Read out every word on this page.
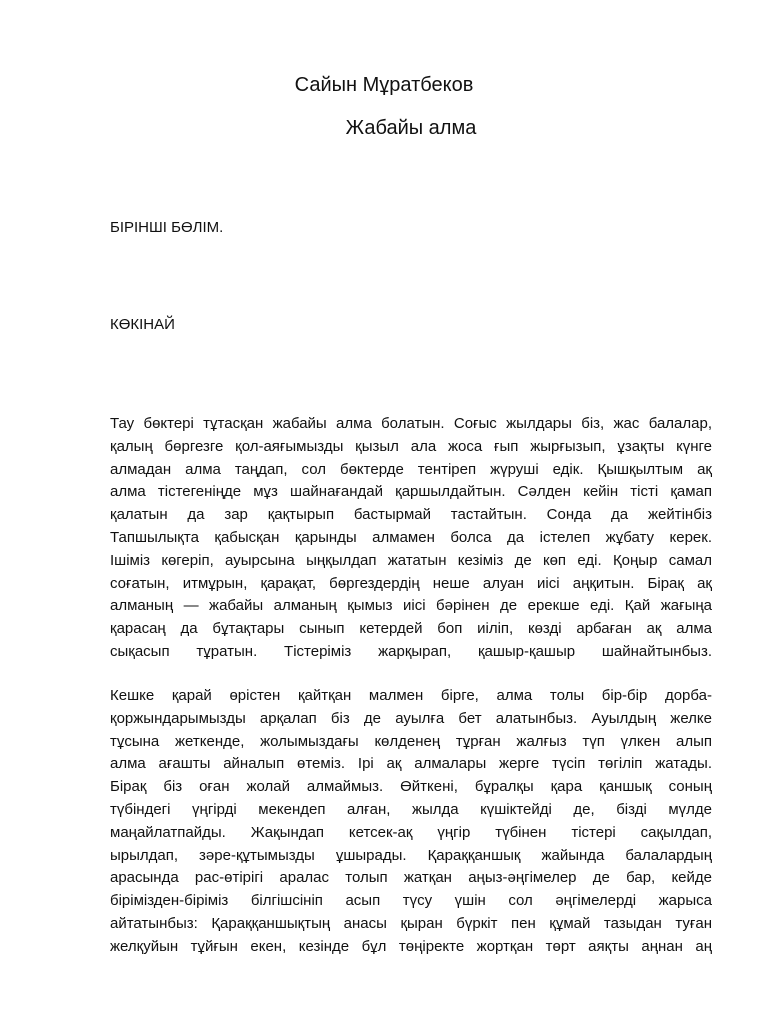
Сайын Мұратбеков
Жабайы алма
БІРІНШІ БӨЛІМ.
КӨКІНАЙ
Тау бөктері тұтасқан жабайы алма болатын. Соғыс жылдары біз, жас балалар,
қалың бөргезге қол-аяғымызды қызыл ала жоса ғып жырғызып, ұзақты күнге
алмадан алма таңдап, сол бөктерде тентіреп жүруші едік. Қышқылтым ақ
алма тістегеніңде мұз шайнағандай қаршылдайтын. Сәлден кейін тісті қамап
қалатын да зар қақтырып бастырмай тастайтын. Сонда да жейтінбіз
Тапшылықта қабысқан қарынды алмамен болса да істелеп жұбату керек.
Ішіміз көгеріп, ауырсына ыңқылдап жататын кезіміз де көп еді. Қоңыр самал
соғатын, итмұрын, қарақат, бөргездердің неше алуан иісі аңқитын. Бірақ ақ
алманың — жабайы алманың қымыз иісі бәрінен де ерекше еді. Қай жағыңа
қарасаң да бұтақтары сынып кетердей боп иіліп, көзді арбаған ақ алма
сықасып тұратын. Тістеріміз жарқырап, қашыр-қашыр шайнайтынбыз.
Кешке қарай өрістен қайтқан малмен бірге, алма толы бір-бір дорба-
қоржындарымызды арқалап біз де ауылға бет алатынбыз. Ауылдың желке
тұсына жеткенде, жолымыздағы көлденең тұрған жалғыз түп үлкен алып
алма ағашты айналып өтеміз. Ірі ақ алмалары жерге түсіп төгіліп жатады.
Бірақ біз оған жолай алмаймыз. Өйткені, бұралқы қара қаншық соның
түбіндегі үңгірді мекендеп алған, жылда күшіктейді де, бізді мүлде
маңайлатпайды. Жақындап кетсек-ақ үңгір түбінен тістері сақылдап,
ырылдап, зәре-құтымызды ұшырады. Қараққаншық жайында балалардың
арасында рас-өтірігі аралас толып жатқан аңыз-әңгімелер де бар, кейде
бірімізден-біріміз білгішсініп асып түсу үшін сол әңгімелерді жарыса
айтатынбыз: Қараққаншықтың анасы қыран бүркіт пен құмай тазыдан туған
желқуйын тұйғын екен, кезінде бұл төңіректе жортқан төрт аяқты аңнан аң
